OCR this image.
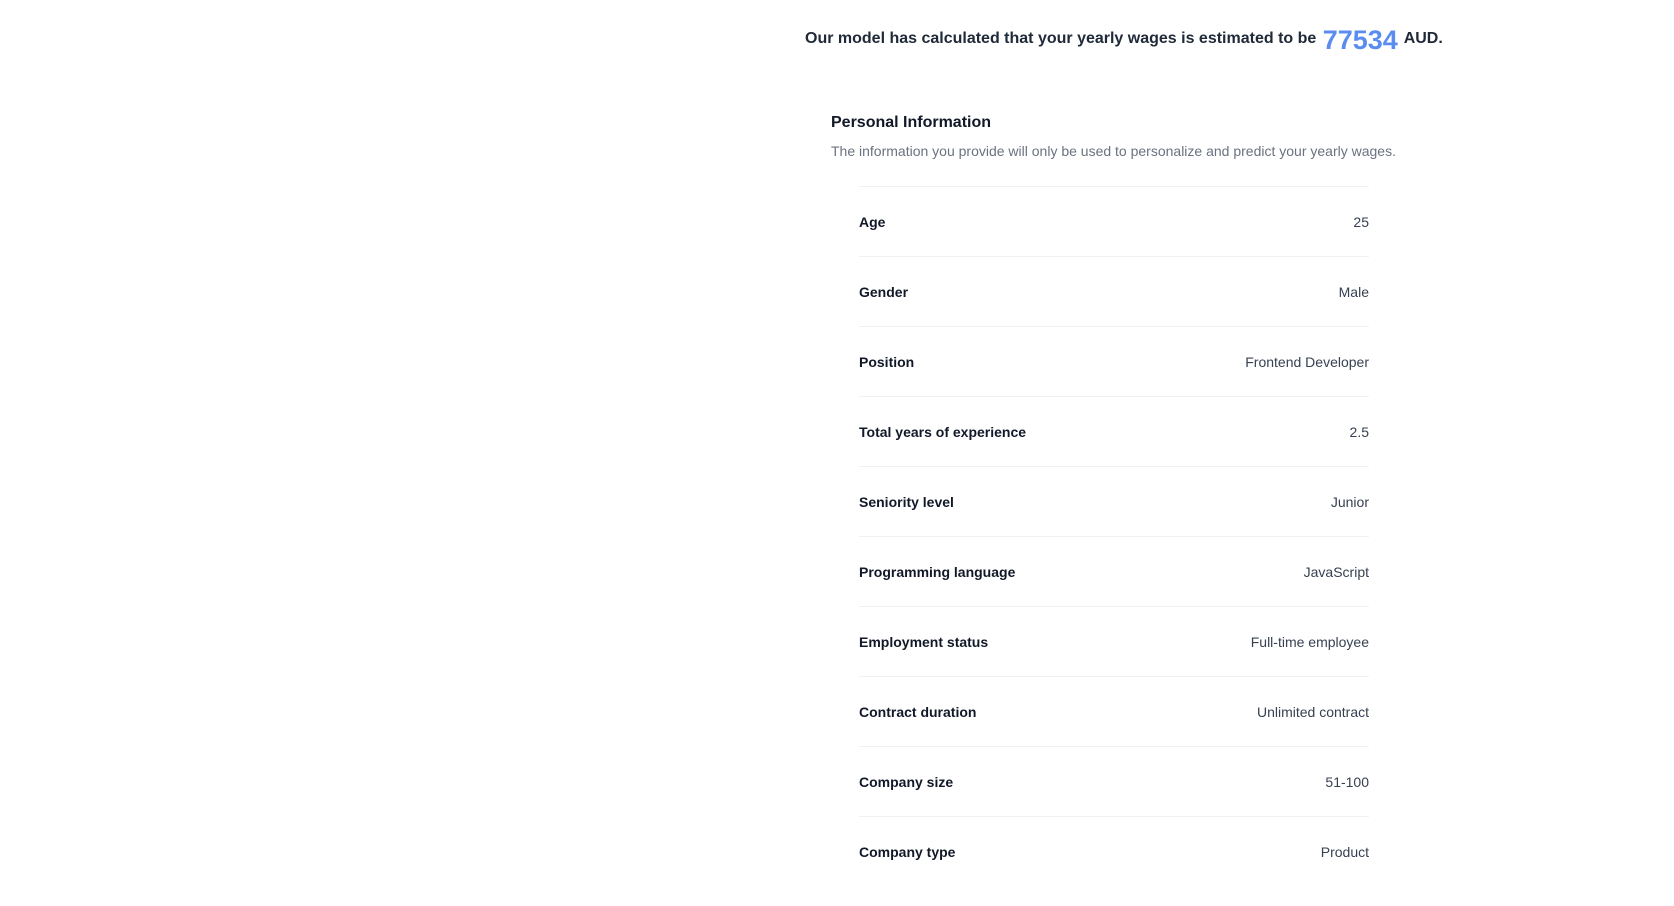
Our model has calculated that your yearly wages is estimated to be 77534 AUD.
Personal Information
The information you provide will only be used to personalize and predict your yearly wages.
Age	25
Gender	Male
Position	Frontend Developer
Total years of experience	2.5
Seniority level	Junior
Programming language	JavaScript
Employment status	Full-time employee
Contract duration	Unlimited contract
Company size	51-100
Company type	Product
